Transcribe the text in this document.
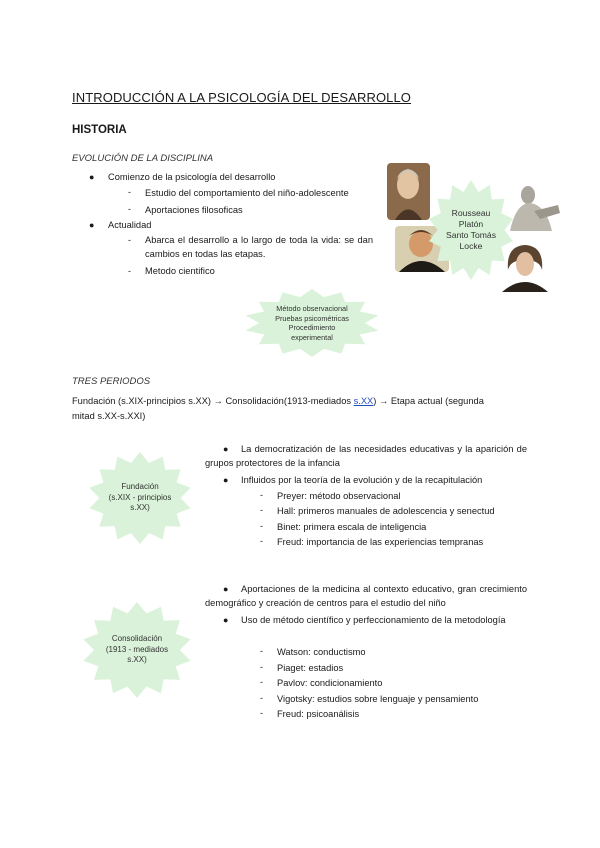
INTRODUCCIÓN A LA PSICOLOGÍA DEL DESARROLLO
HISTORIA
EVOLUCIÓN DE LA DISCIPLINA
● Comienzo de la psicología del desarrollo
- Estudio del comportamiento del niño-adolescente
- Aportaciones filosoficas
● Actualidad
- Abarca el desarrollo a lo largo de toda la vida: se dan cambios en todas las etapas.
- Metodo cientifico
Rousseau
Platón
Santo Tomás
Locke
Método observacional
Pruebas psicométricas
Procedimiento
experimental
TRES PERIODOS
Fundación (s.XIX-principios s.XX) → Consolidación(1913-mediados s.XX) → Etapa actual (segunda
mitad s.XX-s.XXI)
Fundación
(s.XIX - principios
s.XX)
●	La democratización de las necesidades educativas y la aparición de grupos protectores de la infancia
● Influidos por la teoría de la evolución y de la recapitulación
- Preyer: método observacional
- Hall: primeros manuales de adolescencia y senectud
- Binet: primera escala de inteligencia
- Freud: importancia de las experiencias tempranas
Consolidación
(1913 - mediados
s.XX)
●	Aportaciones de la medicina al contexto educativo, gran crecimiento demográfico y creación de centros para el estudio del niño
●	Uso de método científico y perfeccionamiento de la metodología
- Watson: conductismo
- Piaget: estadios
- Pavlov: condicionamiento
- Vigotsky: estudios sobre lenguaje y pensamiento
- Freud: psicoanálisis
